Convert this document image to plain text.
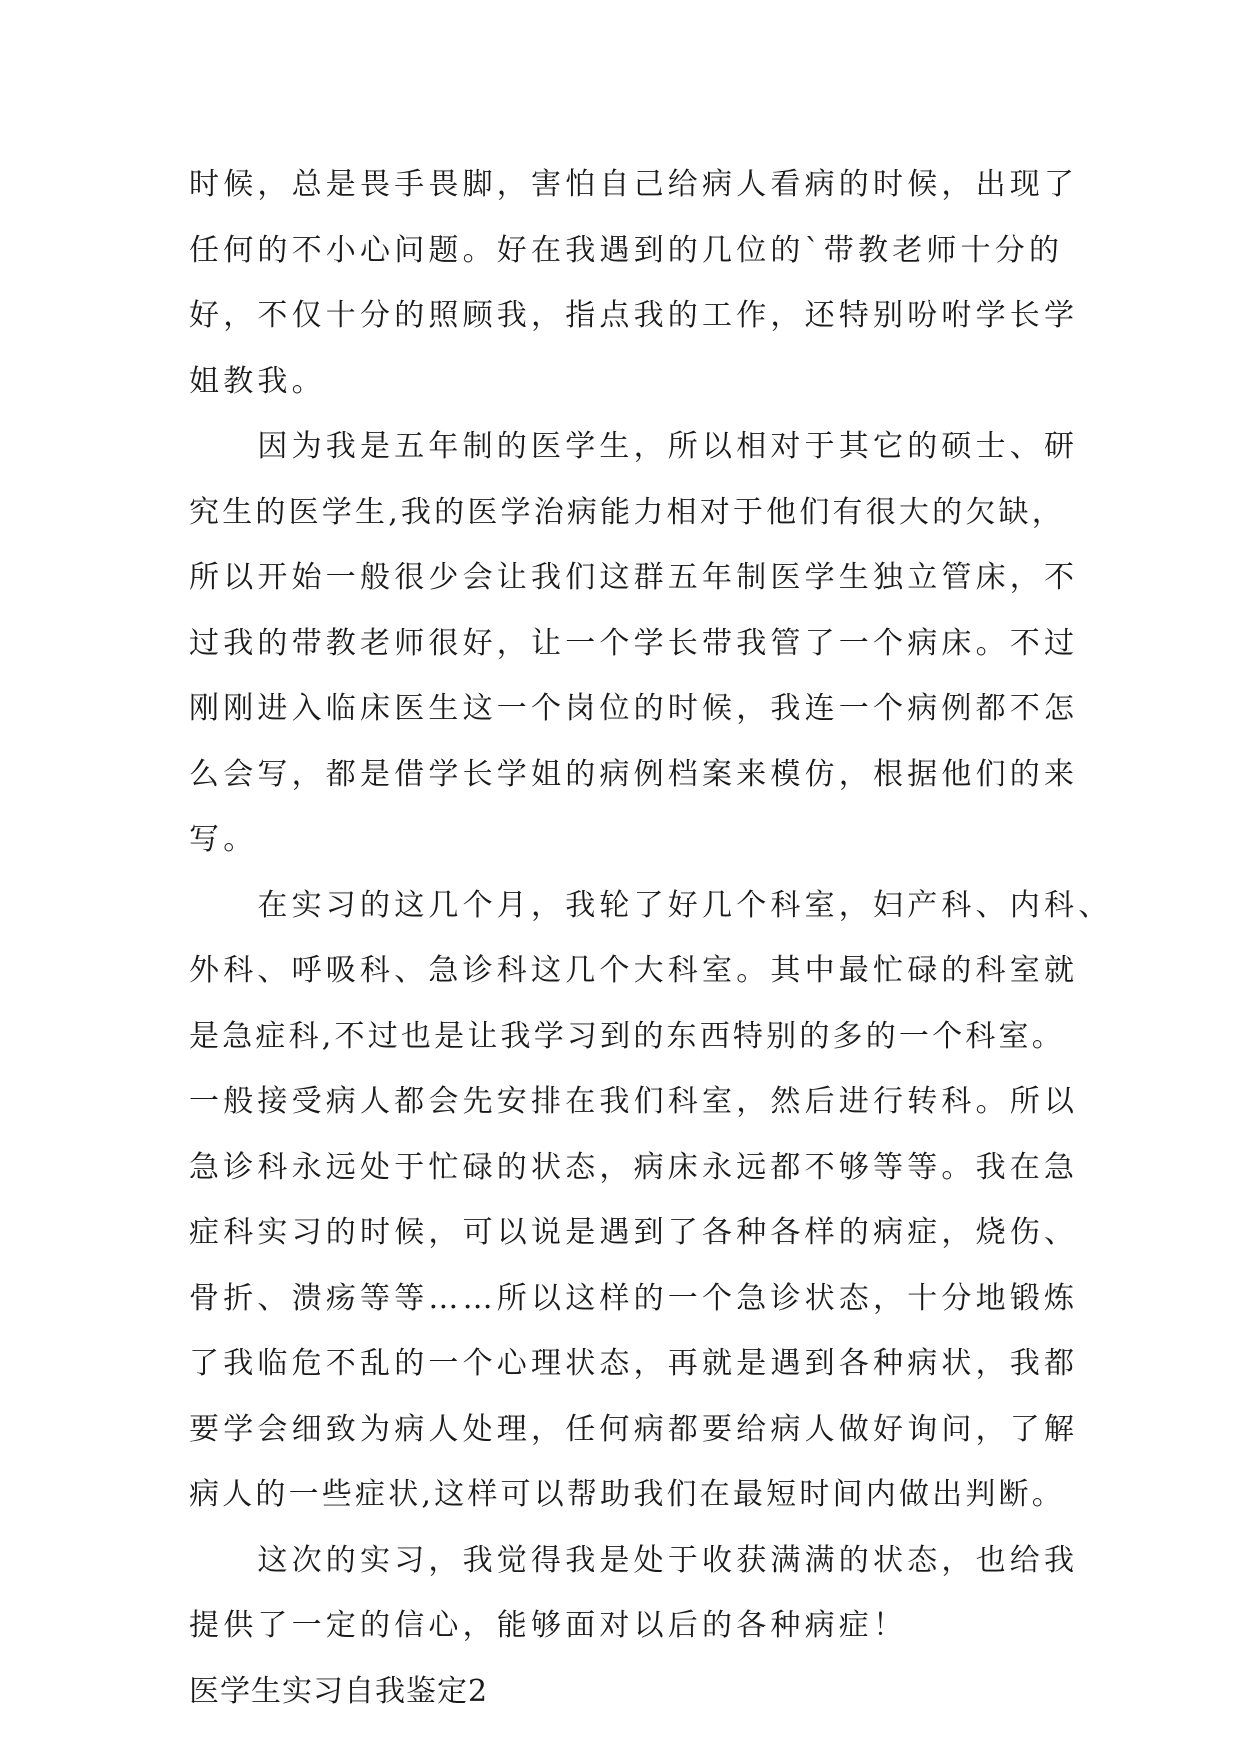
时候，总是畏手畏脚，害怕自己给病人看病的时候，出现了
任何的不小心问题。好在我遇到的几位的`带教老师十分的
好，不仅十分的照顾我，指点我的工作，还特别吩咐学长学
姐教我。
　　因为我是五年制的医学生，所以相对于其它的硕士、研
究生的医学生,我的医学治病能力相对于他们有很大的欠缺，
所以开始一般很少会让我们这群五年制医学生独立管床，不
过我的带教老师很好，让一个学长带我管了一个病床。不过
刚刚进入临床医生这一个岗位的时候，我连一个病例都不怎
么会写，都是借学长学姐的病例档案来模仿，根据他们的来
写。
　　在实习的这几个月，我轮了好几个科室，妇产科、内科、
外科、呼吸科、急诊科这几个大科室。其中最忙碌的科室就
是急症科,不过也是让我学习到的东西特别的多的一个科室。
一般接受病人都会先安排在我们科室，然后进行转科。所以
急诊科永远处于忙碌的状态，病床永远都不够等等。我在急
症科实习的时候，可以说是遇到了各种各样的病症，烧伤、
骨折、溃疡等等……所以这样的一个急诊状态，十分地锻炼
了我临危不乱的一个心理状态，再就是遇到各种病状，我都
要学会细致为病人处理，任何病都要给病人做好询问，了解
病人的一些症状,这样可以帮助我们在最短时间内做出判断。
　　这次的实习，我觉得我是处于收获满满的状态，也给我
提供了一定的信心，能够面对以后的各种病症！
医学生实习自我鉴定2
